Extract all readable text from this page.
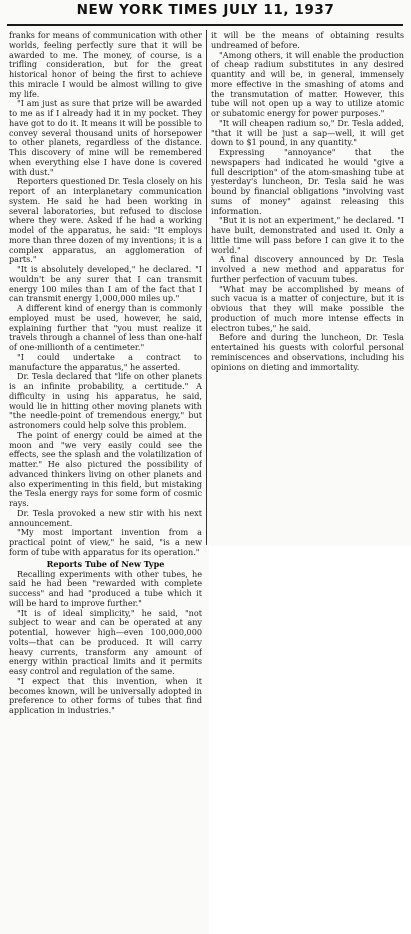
NEW YORK TIMES JULY 11, 1937

franks for means of communication with other worlds, feeling perfectly sure that it will be awarded to me. The money, of course, is a trifling consideration, but for the great historical honor of being the first to achieve this miracle I would be almost willing to give my life.

"I am just as sure that prize will be awarded to me as if I already had it in my pocket. They have got to do it. It means it will be possible to convey several thousand units of horsepower to other planets, regardless of the distance. This discovery of mine will be remembered when everything else I have done is covered with dust."

Reporters questioned Dr. Tesla closely on his report of an interplanetary communication system. He said he had been working in several laboratories, but refused to disclose where they were. Asked if he had a working model of the apparatus, he said: "It employs more than three dozen of my inventions; it is a complex apparatus, an agglomeration of parts."

"It is absolutely developed," he declared. "I wouldn't be any surer that I can transmit energy 100 miles than I am of the fact that I can transmit energy 1,000,000 miles up."

A different kind of energy than is commonly employed must be used, however, he said, explaining further that "you must realize it travels through a channel of less than one-half of one-millionth of a centimeter."

"I could undertake a contract to manufacture the apparatus," he asserted.

Dr. Tesla declared that "life on other planets is an infinite probability, a certitude." A difficulty in using his apparatus, he said, would lie in hitting other moving planets with "the needle-point of tremendous energy," but astronomers could help solve this problem.

The point of energy could be aimed at the moon and "we very easily could see the effects, see the splash and the volatilization of matter." He also pictured the possibility of advanced thinkers living on other planets and also experimenting in this field, but mistaking the Tesla energy rays for some form of cosmic rays.

Dr. Tesla provoked a new stir with his next announcement.

"My most important invention from a practical point of view," he said, "is a new form of tube with apparatus for its operation."

Reports Tube of New Type

Recalling experiments with other tubes, he said he had been "rewarded with complete success" and had "produced a tube which it will be hard to improve further."

"It is of ideal simplicity," he said, "not subject to wear and can be operated at any potential, however high—even 100,000,000 volts—that can be produced. It will carry heavy currents, transform any amount of energy within practical limits and it permits easy control and regulation of the same.

"I expect that this invention, when it becomes known, will be universally adopted in preference to other forms of tubes that find application in industries."

it will be the means of obtaining results undreamed of before.

"Among others, it will enable the production of cheap radium substitutes in any desired quantity and will be, in general, immensely more effective in the smashing of atoms and the transmutation of matter. However, this tube will not open up a way to utilize atomic or subatomic energy for power purposes."

"It will cheapen radium so," Dr. Tesla added, "that it will be just a sap—well, it will get down to $1 pound, in any quantity."

Expressing "annoyance" that the newspapers had indicated he would "give a full description" of the atom-smashing tube at yesterday's luncheon, Dr. Tesla said he was bound by financial obligations "involving vast sums of money" against releasing this information.

"But it is not an experiment," he declared. "I have built, demonstrated and used it. Only a little time will pass before I can give it to the world."

A final discovery announced by Dr. Tesla involved a new method and apparatus for further perfection of vacuum tubes.

"What may be accomplished by means of such vacua is a matter of conjecture, but it is obvious that they will make possible the production of much more intense effects in electron tubes," he said.

Before and during the luncheon, Dr. Tesla entertained his guests with colorful personal reminiscences and observations, including his opinions on dieting and immortality.
